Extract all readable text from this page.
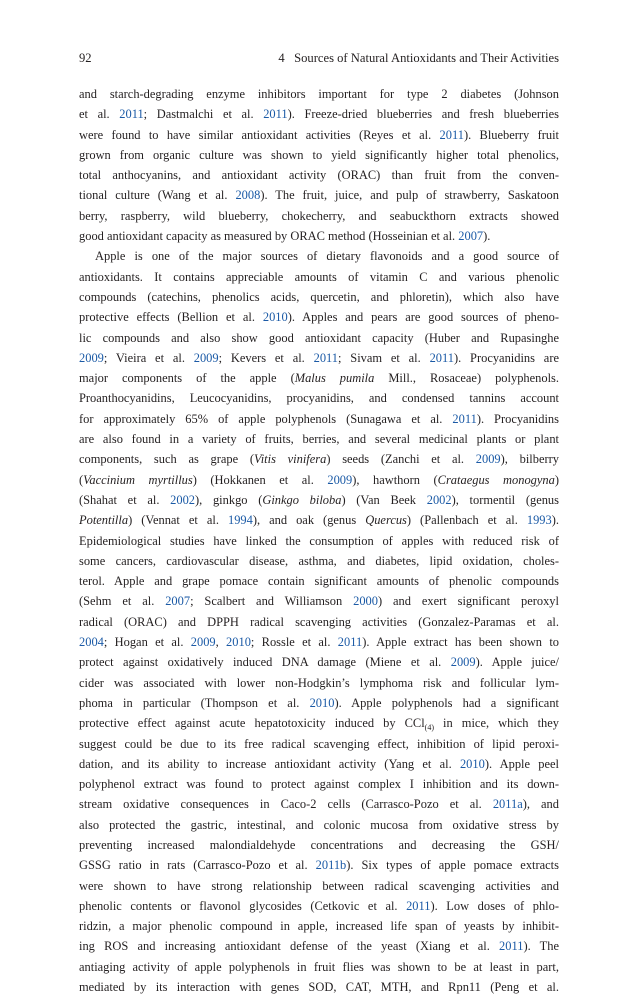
92	4   Sources of Natural Antioxidants and Their Activities
and starch-degrading enzyme inhibitors important for type 2 diabetes (Johnson
et al. 2011; Dastmalchi et al. 2011). Freeze-dried blueberries and fresh blueberries
were found to have similar antioxidant activities (Reyes et al. 2011). Blueberry fruit
grown from organic culture was shown to yield significantly higher total phenolics,
total anthocyanins, and antioxidant activity (ORAC) than fruit from the conven-
tional culture (Wang et al. 2008). The fruit, juice, and pulp of strawberry, Saskatoon
berry, raspberry, wild blueberry, chokecherry, and seabuckthorn extracts showed
good antioxidant capacity as measured by ORAC method (Hosseinian et al. 2007).
Apple is one of the major sources of dietary flavonoids and a good source of
antioxidants. It contains appreciable amounts of vitamin C and various phenolic
compounds (catechins, phenolics acids, quercetin, and phloretin), which also have
protective effects (Bellion et al. 2010). Apples and pears are good sources of pheno-
lic compounds and also show good antioxidant capacity (Huber and Rupasinghe
2009; Vieira et al. 2009; Kevers et al. 2011; Sivam et al. 2011). Procyanidins are
major components of the apple (Malus pumila Mill., Rosaceae) polyphenols.
Proanthocyanidins, Leucocyanidins, procyanidins, and condensed tannins account
for approximately 65% of apple polyphenols (Sunagawa et al. 2011). Procyanidins
are also found in a variety of fruits, berries, and several medicinal plants or plant
components, such as grape (Vitis vinifera) seeds (Zanchi et al. 2009), bilberry
(Vaccinium myrtillus) (Hokkanen et al. 2009), hawthorn (Crataegus monogyna)
(Shahat et al. 2002), ginkgo (Ginkgo biloba) (Van Beek 2002), tormentil (genus
Potentilla) (Vennat et al. 1994), and oak (genus Quercus) (Pallenbach et al. 1993).
Epidemiological studies have linked the consumption of apples with reduced risk of
some cancers, cardiovascular disease, asthma, and diabetes, lipid oxidation, choles-
terol. Apple and grape pomace contain significant amounts of phenolic compounds
(Sehm et al. 2007; Scalbert and Williamson 2000) and exert significant peroxyl
radical (ORAC) and DPPH radical scavenging activities (Gonzalez-Paramas et al.
2004; Hogan et al. 2009, 2010; Rossle et al. 2011). Apple extract has been shown to
protect against oxidatively induced DNA damage (Miene et al. 2009). Apple juice/
cider was associated with lower non-Hodgkin’s lymphoma risk and follicular lym-
phoma in particular (Thompson et al. 2010). Apple polyphenols had a significant
protective effect against acute hepatotoxicity induced by CCl$_{(4)}$ in mice, which they
suggest could be due to its free radical scavenging effect, inhibition of lipid peroxi-
dation, and its ability to increase antioxidant activity (Yang et al. 2010). Apple peel
polyphenol extract was found to protect against complex I inhibition and its down-
stream oxidative consequences in Caco-2 cells (Carrasco-Pozo et al. 2011a), and
also protected the gastric, intestinal, and colonic mucosa from oxidative stress by
preventing increased malondialdehyde concentrations and decreasing the GSH/
GSSG ratio in rats (Carrasco-Pozo et al. 2011b). Six types of apple pomace extracts
were shown to have strong relationship between radical scavenging activities and
phenolic contents or flavonol glycosides (Cetkovic et al. 2011). Low doses of phlo-
ridzin, a major phenolic compound in apple, increased life span of yeasts by inhibit-
ing ROS and increasing antioxidant defense of the yeast (Xiang et al. 2011). The
antiaging activity of apple polyphenols in fruit flies was shown to be at least in part,
mediated by its interaction with genes SOD, CAT, MTH, and Rpn11 (Peng et al.
